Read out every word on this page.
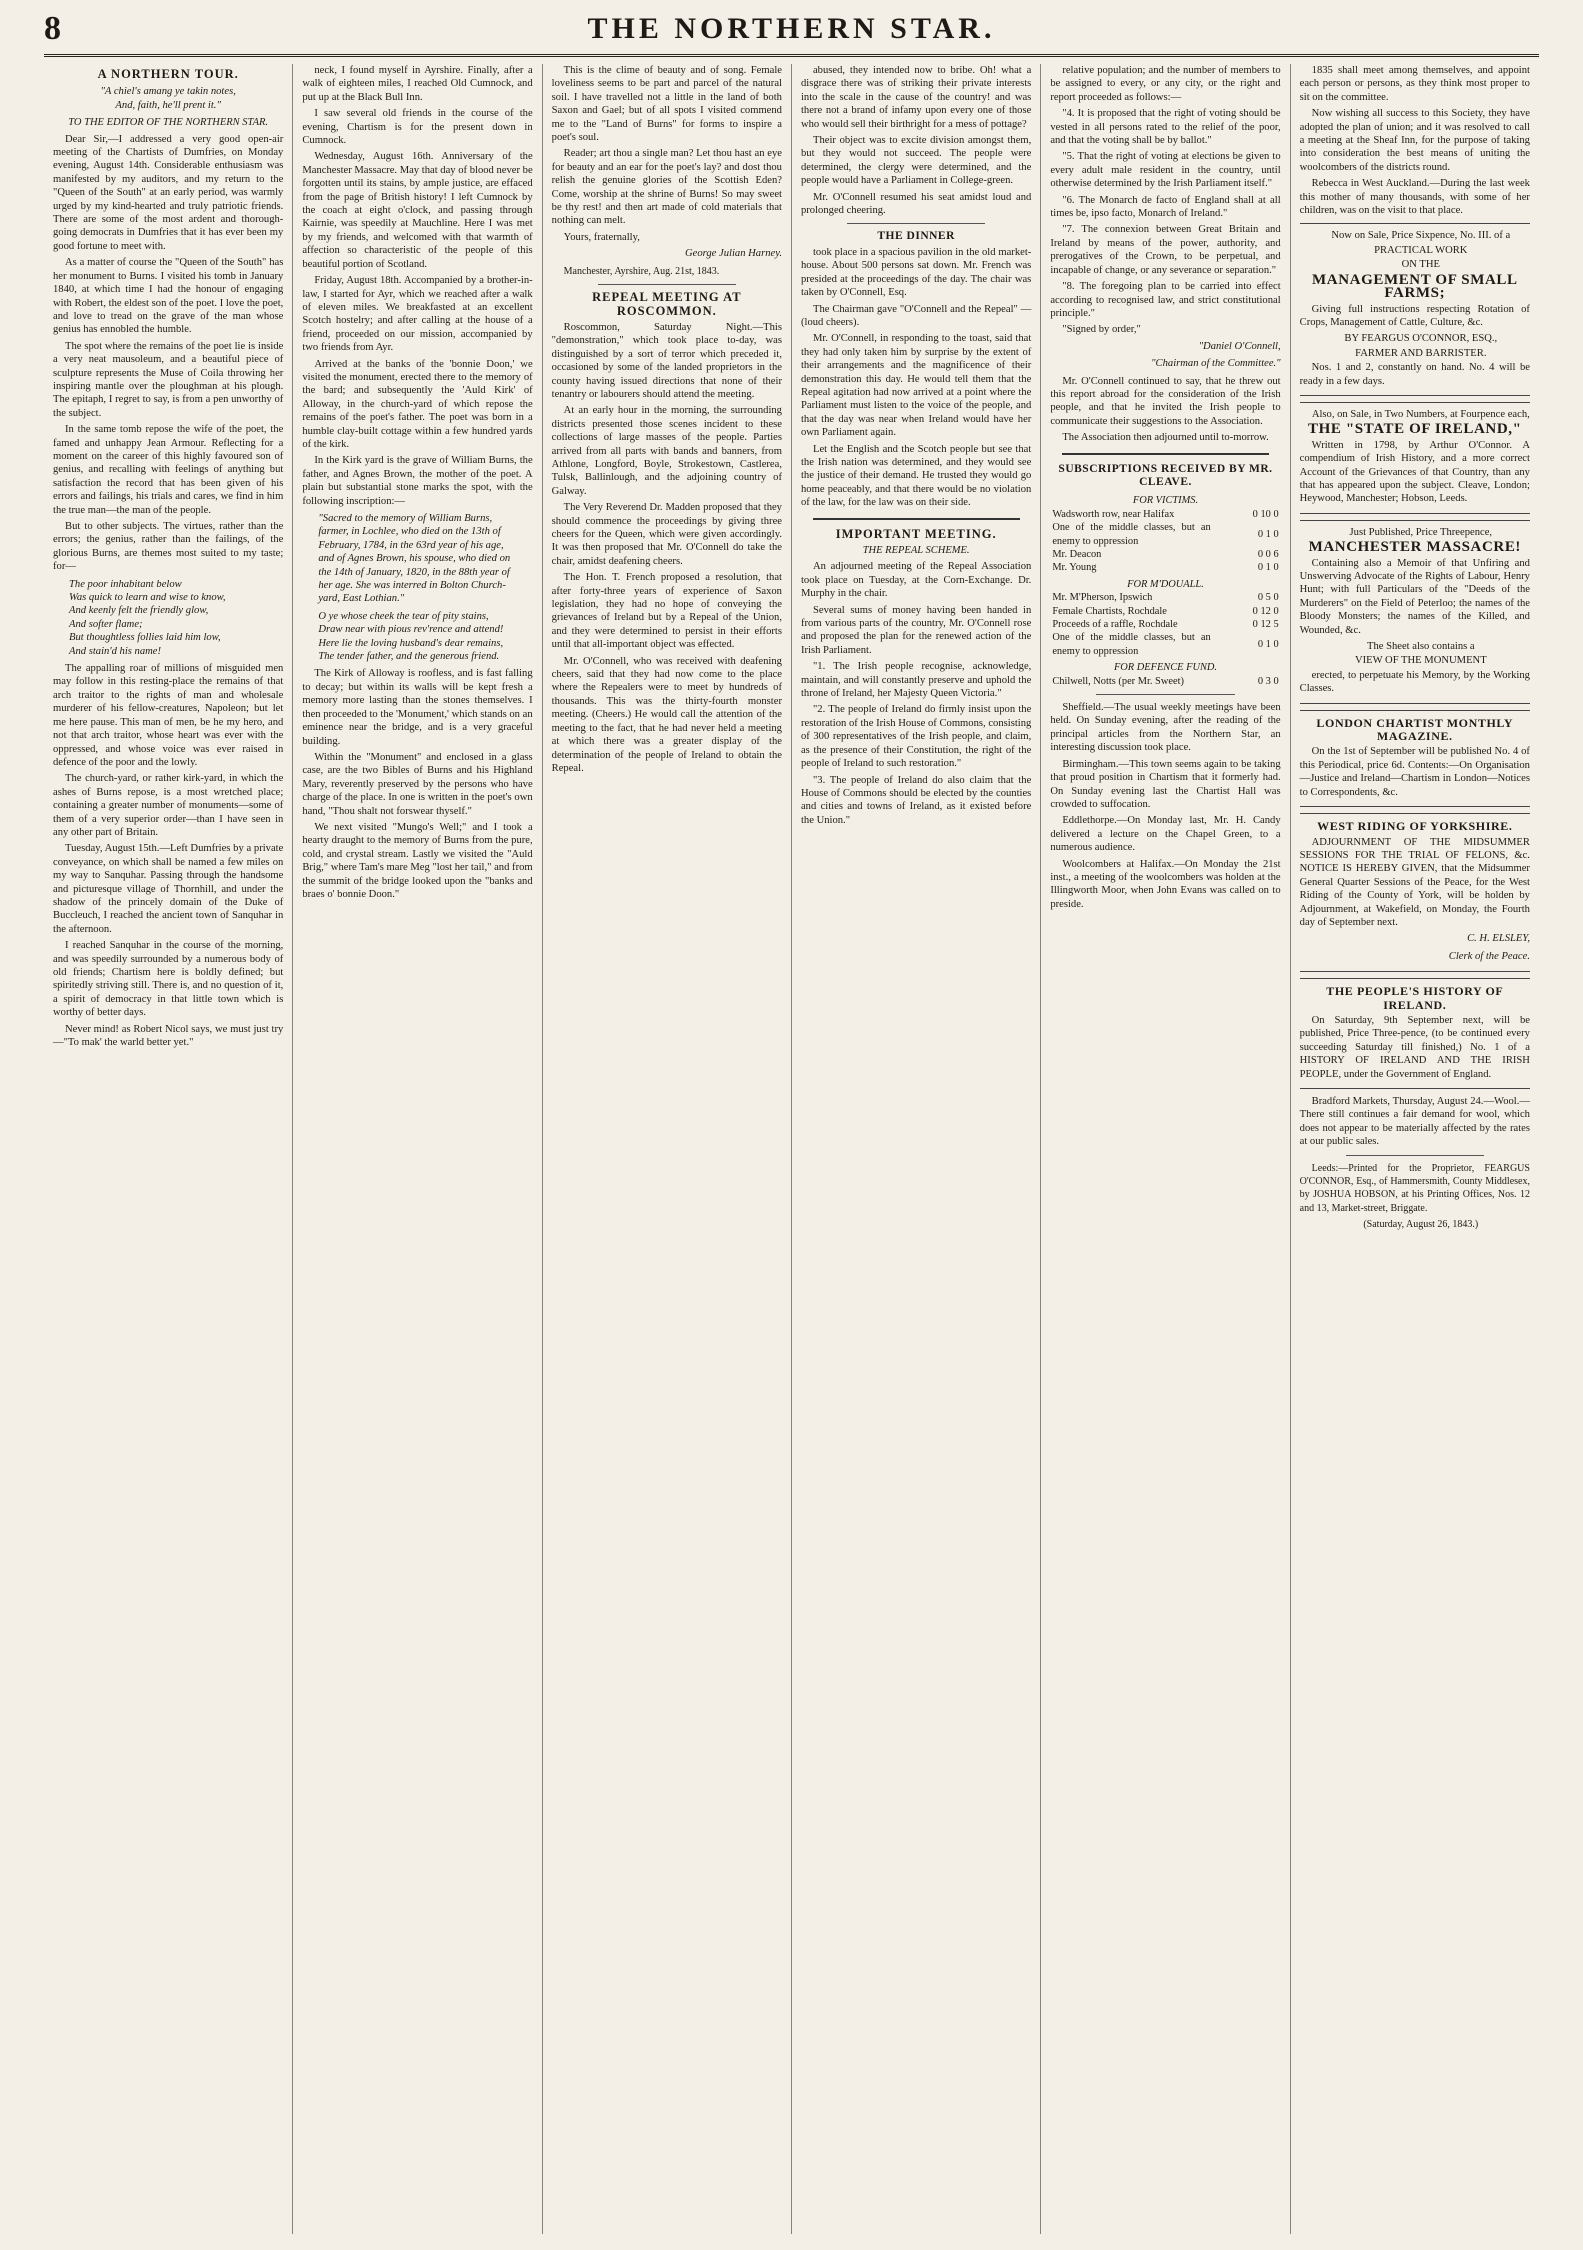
8	THE NORTHERN STAR.
A NORTHERN TOUR.

"A chiel's amang ye takin notes,
And, faith, he'll prent it."

TO THE EDITOR OF THE NORTHERN STAR.

Dear Sir,—I addressed a very good open-air meeting of the Chartists of Dumfries, on Monday evening, August 14th. Considerable enthusiasm was manifested by my auditors, and my return to the "Queen of the South" at an early period, was warmly urged by my kind-hearted and truly patriotic friends. There are some of the most ardent and thorough-going democrats in Dumfries that it has ever been my good fortune to meet with.

As a matter of course the "Queen of the South" has her monument to Burns. I visited his tomb in January 1840, at which time I had the honour of engaging with Robert, the eldest son of the poet. I love the poet, and love to tread on the grave of the man whose genius has ennobled the humble.

The spot where the remains of the poet lie is inside a very neat mausoleum, and a beautiful piece of sculpture represents the Muse of Coila throwing her inspiring mantle over the ploughman at his plough. The epitaph, I regret to say, is from a pen unworthy of the subject.

In the same tomb repose the wife of the poet, the famed and unhappy Jean Armour. Reflecting for a moment on the career of this highly favoured son of genius, and recalling with feelings of anything but satisfaction the record that has been given of his errors and failings, his trials and cares, we find in him the true man—the man of the people.

But to other subjects. The virtues, rather than the errors; the genius, rather than the failings, of the glorious Burns, are themes most suited to my taste; for—

The poor inhabitant below
Was quick to learn and wise to know,
And keenly felt the friendly glow,
And softer flame;
But thoughtless follies laid him low,
And stain'd his name!

The appalling roar of millions of misguided men may follow in this resting-place the remains of that arch traitor to the rights of man and wholesale murderer of his fellow-creatures, Napoleon; but let me here pause. This man of men, be he my hero, and not that arch traitor, whose heart was ever with the oppressed, and whose voice was ever raised in defence of the poor and the lowly.

The church-yard, or rather kirk-yard, in which the ashes of Burns repose, is a most wretched place; containing a greater number of monuments—some of them of a very superior order—than I have seen in any other part of Britain.

Tuesday, August 15th.—Left Dumfries by a private conveyance, on which shall be named a few miles on my way to Sanquhar. Passing through the handsome and picturesque village of Thornhill, and under the shadow of the princely domain of the Duke of Buccleuch, I reached the ancient town of Sanquhar in the afternoon.

I reached Sanquhar in the course of the morning, and was speedily surrounded by a numerous body of old friends; Chartism here is boldly defined; but spiritedly striving still. There is, and no question of it, a spirit of democracy in that little town which is worthy of better days.

Never mind! as Robert Nicol says, we must just try—"To mak' the warld better yet."

neck, I found myself in Ayrshire. Finally, after a walk of eighteen miles, I reached Old Cumnock, and put up at the Black Bull Inn.

I saw several old friends in the course of the evening, Chartism is for the present down in Cumnock.

Wednesday, August 16th. Anniversary of the Manchester Massacre. May that day of blood never be forgotten until its stains, by ample justice, are effaced from the page of British history! I left Cumnock by the coach at eight o'clock, and passing through Kairnie, was speedily at Mauchline. Here I was met by my friends, and welcomed with that warmth of affection so characteristic of the people of this beautiful portion of Scotland.

Friday, August 18th. Accompanied by a brother-in-law, I started for Ayr, which we reached after a walk of eleven miles. We breakfasted at an excellent Scotch hostelry; and after calling at the house of a friend, proceeded on our mission, accompanied by two friends from Ayr.

Arrived at the banks of the 'bonnie Doon,' we visited the monument, erected there to the memory of the bard; and subsequently the 'Auld Kirk' of Alloway, in the church-yard of which repose the remains of the poet's father. The poet was born in a humble clay-built cottage within a few hundred yards of the kirk.

In the Kirk yard is the grave of William Burns, the father, and Agnes Brown, the mother of the poet. A plain but substantial stone marks the spot, with the following inscription:—

"Sacred to the memory of William Burns, farmer, in Lochlee, who died on the 13th of February, 1784, in the 63rd year of his age, and of Agnes Brown, his spouse, who died on the 14th of January, 1820, in the 88th year of her age. She was interred in Bolton Church-yard, East Lothian."

O ye whose cheek the tear of pity stains,
Draw near with pious rev'rence and attend!
Here lie the loving husband's dear remains,
The tender father, and the generous friend.

The Kirk of Alloway is roofless, and is fast falling to decay; but within its walls will be kept fresh a memory more lasting than the stones themselves. I then proceeded to the 'Monument,' which stands on an eminence near the bridge, and is a very graceful building.

Within the "Monument" and enclosed in a glass case, are the two Bibles of Burns and his Highland Mary, reverently preserved by the persons who have charge of the place. In one is written in the poet's own hand, "Thou shalt not forswear thyself."

We next visited "Mungo's Well;" and I took a hearty draught to the memory of Burns from the pure, cold, and crystal stream. Lastly we visited the "Auld Brig," where Tam's mare Meg "lost her tail," and from the summit of the bridge looked upon the "banks and braes o' bonnie Doon."

This is the clime of beauty and of song. Female loveliness seems to be part and parcel of the natural soil. I have travelled not a little in the land of both Saxon and Gael; but of all spots I visited commend me to the "Land of Burns" for forms to inspire a poet's soul.

Reader; art thou a single man? Let thou hast an eye for beauty and an ear for the poet's lay? and dost thou relish the genuine glories of the Scottish Eden? Come, worship at the shrine of Burns! So may sweet be thy rest! and then art made of cold materials that nothing can melt.

Yours, fraternally,

George Julian Harney.

Manchester, Ayrshire, Aug. 21st, 1843.

REPEAL MEETING AT ROSCOMMON.

Roscommon, Saturday Night.—This "demonstration," which took place to-day, was distinguished by a sort of terror which preceded it, occasioned by some of the landed proprietors in the county having issued directions that none of their tenantry or labourers should attend the meeting.

At an early hour in the morning, the surrounding districts presented those scenes incident to these collections of large masses of the people. Parties arrived from all parts with bands and banners, from Athlone, Longford, Boyle, Strokestown, Castlerea, Tulsk, Ballinlough, and the adjoining country of Galway.

The Very Reverend Dr. Madden proposed that they should commence the proceedings by giving three cheers for the Queen, which were given accordingly. It was then proposed that Mr. O'Connell do take the chair, amidst deafening cheers.

The Hon. T. French proposed a resolution, that after forty-three years of experience of Saxon legislation, they had no hope of conveying the grievances of Ireland but by a Repeal of the Union, and they were determined to persist in their efforts until that all-important object was effected.

Mr. O'Connell, who was received with deafening cheers, said that they had now come to the place where the Repealers were to meet by hundreds of thousands. This was the thirty-fourth monster meeting. (Cheers.) He would call the attention of the meeting to the fact, that he had never held a meeting at which there was a greater display of the determination of the people of Ireland to obtain the Repeal.

abused, they intended now to bribe. Oh! what a disgrace there was of striking their private interests into the scale in the cause of the country! and was there not a brand of infamy upon every one of those who would sell their birthright for a mess of pottage?

Their object was to excite division amongst them, but they would not succeed. The people were determined, the clergy were determined, and the people would have a Parliament in College-green.

Mr. O'Connell resumed his seat amidst loud and prolonged cheering.

THE DINNER

took place in a spacious pavilion in the old market-house. About 500 persons sat down. Mr. French was presided at the proceedings of the day. The chair was taken by O'Connell, Esq.

The Chairman gave "O'Connell and the Repeal" —(loud cheers).

Mr. O'Connell, in responding to the toast, said that they had only taken him by surprise by the extent of their arrangements and the magnificence of their demonstration this day. He would tell them that the Repeal agitation had now arrived at a point where the Parliament must listen to the voice of the people, and that the day was near when Ireland would have her own Parliament again.

Let the English and the Scotch people but see that the Irish nation was determined, and they would see the justice of their demand. He trusted they would go home peaceably, and that there would be no violation of the law, for the law was on their side.

IMPORTANT MEETING.
THE REPEAL SCHEME.

An adjourned meeting of the Repeal Association took place on Tuesday, at the Corn-Exchange. Dr. Murphy in the chair.

Several sums of money having been handed in from various parts of the country, Mr. O'Connell rose and proposed the plan for the renewed action of the Irish Parliament.

"1. The Irish people recognise, acknowledge, maintain, and will constantly preserve and uphold the throne of Ireland, her Majesty Queen Victoria."

"2. The people of Ireland do firmly insist upon the restoration of the Irish House of Commons, consisting of 300 representatives of the Irish people, and claim, as the presence of their Constitution, the right of the people of Ireland to such restoration."

"3. The people of Ireland do also claim that the House of Commons should be elected by the counties and cities and towns of Ireland, as it existed before the Union."

relative population; and the number of members to be assigned to every, or any city, or the right and report proceeded as follows:—

"4. It is proposed that the right of voting should be vested in all persons rated to the relief of the poor, and that the voting shall be by ballot."

"5. That the right of voting at elections be given to every adult male resident in the country, until otherwise determined by the Irish Parliament itself."

"6. The Monarch de facto of England shall at all times be, ipso facto, Monarch of Ireland."

"7. The connexion between Great Britain and Ireland by means of the power, authority, and prerogatives of the Crown, to be perpetual, and incapable of change, or any severance or separation."

"8. The foregoing plan to be carried into effect according to recognised law, and strict constitutional principle."

"Signed by order,"

"Daniel O'Connell,

"Chairman of the Committee."

Mr. O'Connell continued to say, that he threw out this report abroad for the consideration of the Irish people, and that he invited the Irish people to communicate their suggestions to the Association.

The Association then adjourned until to-morrow.

SUBSCRIPTIONS RECEIVED BY MR. CLEAVE.
FOR VICTIMS.	
Wadsworth row, near Halifax	0 10 0
One of the middle classes, but an enemy to oppression	0 1 0
Mr. Deacon	0 0 6
Mr. Young	0 1 0
FOR M'DOUALL.	
Mr. M'Pherson, Ipswich	0 5 0
Female Chartists, Rochdale	0 12 0
Proceeds of a raffle, Rochdale	0 12 5
One of the middle classes, but an enemy to oppression	0 1 0
FOR DEFENCE FUND.	
Chilwell, Notts (per Mr. Sweet)	0 3 0

Sheffield.—The usual weekly meetings have been held. On Sunday evening, after the reading of the principal articles from the Northern Star, an interesting discussion took place.

Birmingham.—This town seems again to be taking that proud position in Chartism that it formerly had. On Sunday evening last the Chartist Hall was crowded to suffocation.

Eddlethorpe.—On Monday last, Mr. H. Candy delivered a lecture on the Chapel Green, to a numerous audience.

Woolcombers at Halifax.—On Monday the 21st inst., a meeting of the woolcombers was holden at the Illingworth Moor, when John Evans was called on to preside.

1835 shall meet among themselves, and appoint each person or persons, as they think most proper to sit on the committee.

Now wishing all success to this Society, they have adopted the plan of union; and it was resolved to call a meeting at the Sheaf Inn, for the purpose of taking into consideration the best means of uniting the woolcombers of the districts round.

Rebecca in West Auckland.—During the last week this mother of many thousands, with some of her children, was on the visit to that place.

Now on Sale, Price Sixpence, No. III. of a

PRACTICAL WORK

ON THE

MANAGEMENT OF SMALL FARMS;

Giving full instructions respecting Rotation of Crops, Management of Cattle, Culture, &c.

BY FEARGUS O'CONNOR, ESQ.,

FARMER AND BARRISTER.

Nos. 1 and 2, constantly on hand. No. 4 will be ready in a few days.

Also, on Sale, in Two Numbers, at Fourpence each,

THE "STATE OF IRELAND,"

Written in 1798, by Arthur O'Connor. A compendium of Irish History, and a more correct Account of the Grievances of that Country, than any that has appeared upon the subject. Cleave, London; Heywood, Manchester; Hobson, Leeds.

Just Published, Price Threepence,

MANCHESTER MASSACRE!

Containing also a Memoir of that Unfiring and Unswerving Advocate of the Rights of Labour, Henry Hunt; with full Particulars of the "Deeds of the Murderers" on the Field of Peterloo; the names of the Bloody Monsters; the names of the Killed, and Wounded, &c.

The Sheet also contains a

VIEW OF THE MONUMENT

erected, to perpetuate his Memory, by the Working Classes.

LONDON CHARTIST MONTHLY MAGAZINE.

On the 1st of September will be published No. 4 of this Periodical, price 6d. Contents:—On Organisation—Justice and Ireland—Chartism in London—Notices to Correspondents, &c.

WEST RIDING OF YORKSHIRE.

ADJOURNMENT OF THE MIDSUMMER SESSIONS FOR THE TRIAL OF FELONS, &c. NOTICE IS HEREBY GIVEN, that the Midsummer General Quarter Sessions of the Peace, for the West Riding of the County of York, will be holden by Adjournment, at Wakefield, on Monday, the Fourth day of September next.

C. H. ELSLEY,

Clerk of the Peace.

THE PEOPLE'S HISTORY OF IRELAND.

On Saturday, 9th September next, will be published, Price Three-pence, (to be continued every succeeding Saturday till finished,) No. 1 of a HISTORY OF IRELAND AND THE IRISH PEOPLE, under the Government of England.

Bradford Markets, Thursday, August 24.—Wool.—There still continues a fair demand for wool, which does not appear to be materially affected by the rates at our public sales.

Leeds:—Printed for the Proprietor, FEARGUS O'CONNOR, Esq., of Hammersmith, County Middlesex, by JOSHUA HOBSON, at his Printing Offices, Nos. 12 and 13, Market-street, Briggate.

(Saturday, August 26, 1843.)
